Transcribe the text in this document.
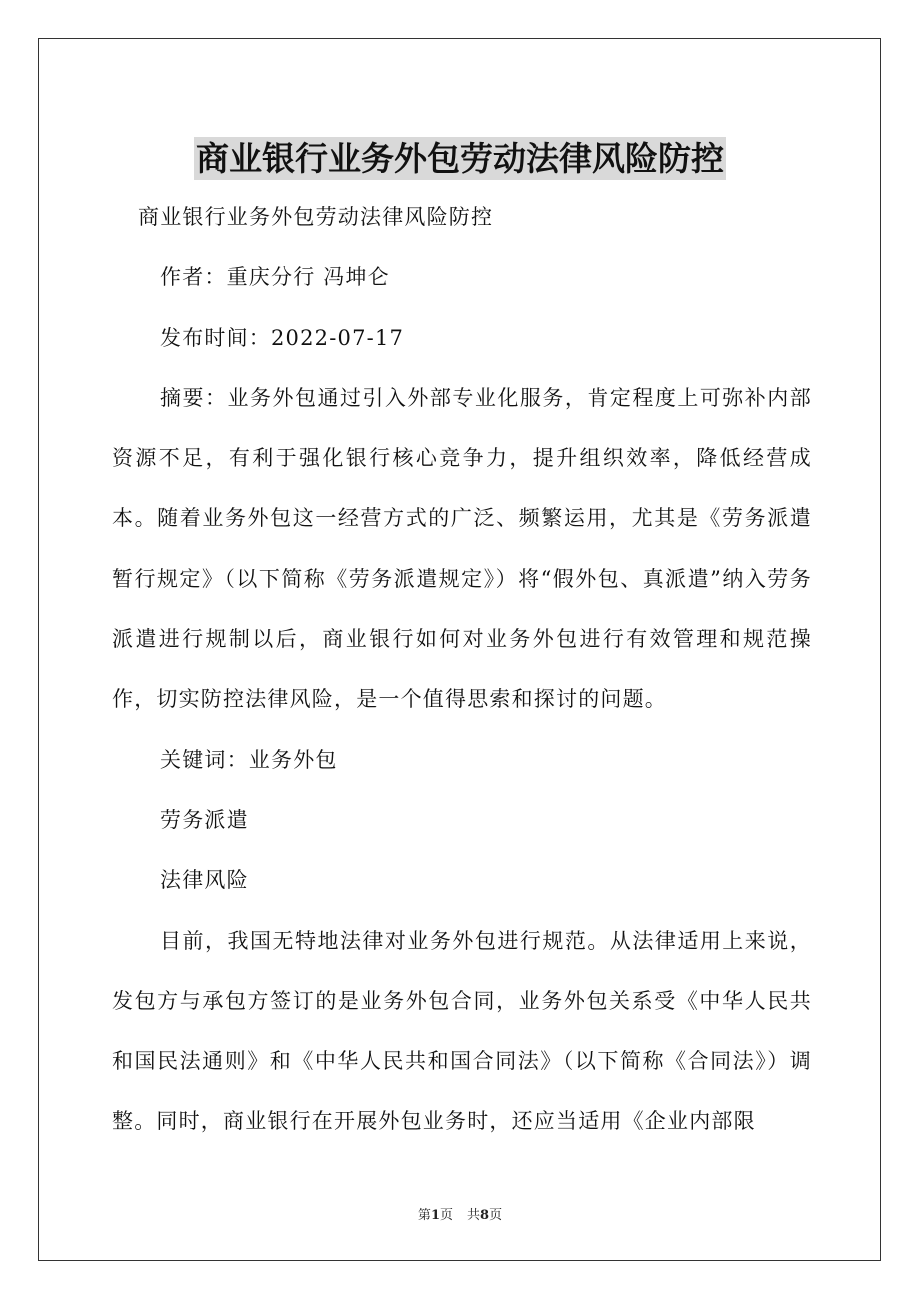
商业银行业务外包劳动法律风险防控

商业银行业务外包劳动法律风险防控

作者：重庆分行 冯坤仑

发布时间：2022-07-17

摘要：业务外包通过引入外部专业化服务，肯定程度上可弥补内部资源不足，有利于强化银行核心竞争力，提升组织效率，降低经营成本。随着业务外包这一经营方式的广泛、频繁运用，尤其是《劳务派遣暂行规定》（以下简称《劳务派遣规定》）将“假外包、真派遣”纳入劳务派遣进行规制以后，商业银行如何对业务外包进行有效管理和规范操作，切实防控法律风险，是一个值得思索和探讨的问题。

关键词：业务外包

劳务派遣

法律风险

目前，我国无特地法律对业务外包进行规范。从法律适用上来说，发包方与承包方签订的是业务外包合同，业务外包关系受《中华人民共和国民法通则》和《中华人民共和国合同法》（以下简称《合同法》）调整。同时，商业银行在开展外包业务时，还应当适用《企业内部限

第1页 共8页
